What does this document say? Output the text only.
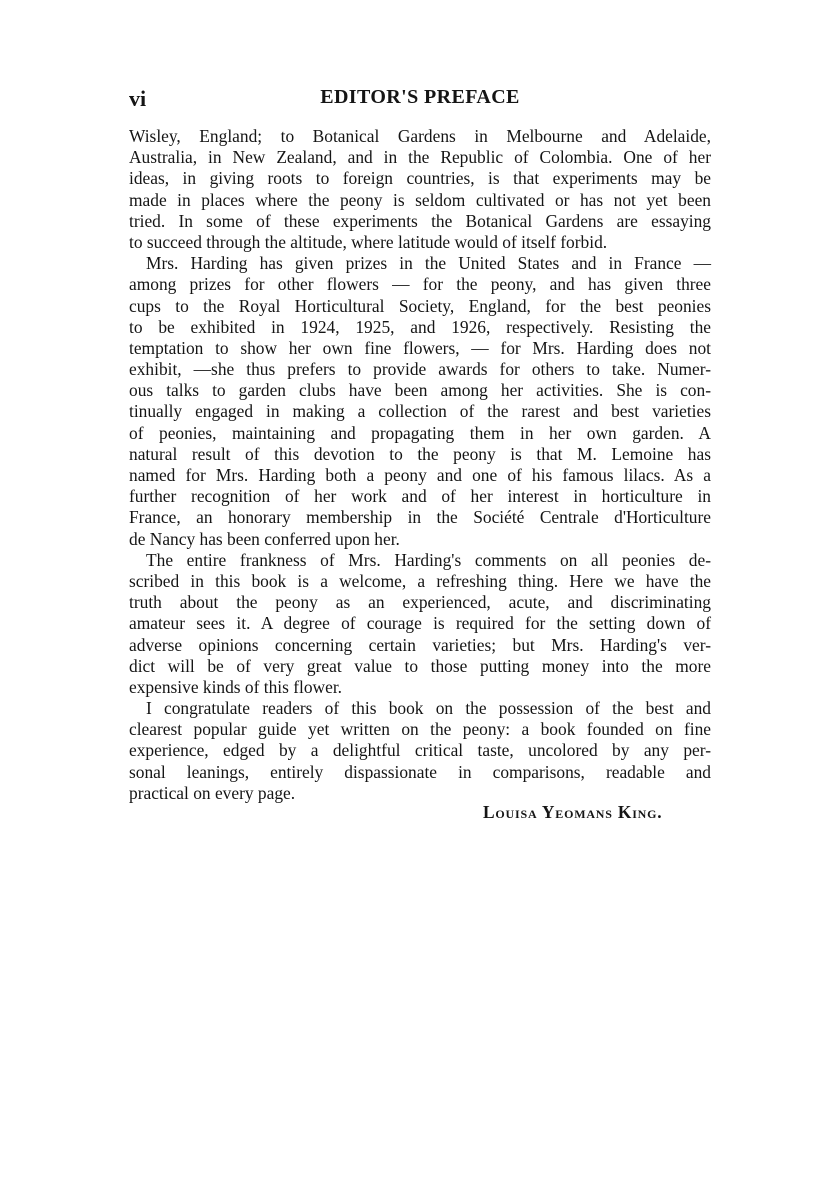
vi	EDITOR'S PREFACE
Wisley, England; to Botanical Gardens in Melbourne and Adelaide,
Australia, in New Zealand, and in the Republic of Colombia. One of her
ideas, in giving roots to foreign countries, is that experiments may be
made in places where the peony is seldom cultivated or has not yet been
tried. In some of these experiments the Botanical Gardens are essaying
to succeed through the altitude, where latitude would of itself forbid.
Mrs. Harding has given prizes in the United States and in France —
among prizes for other flowers — for the peony, and has given three
cups to the Royal Horticultural Society, England, for the best peonies
to be exhibited in 1924, 1925, and 1926, respectively. Resisting the
temptation to show her own fine flowers, — for Mrs. Harding does not
exhibit, —she thus prefers to provide awards for others to take. Numer-
ous talks to garden clubs have been among her activities. She is con-
tinually engaged in making a collection of the rarest and best varieties
of peonies, maintaining and propagating them in her own garden. A
natural result of this devotion to the peony is that M. Lemoine has
named for Mrs. Harding both a peony and one of his famous lilacs. As a
further recognition of her work and of her interest in horticulture in
France, an honorary membership in the Société Centrale d'Horticulture
de Nancy has been conferred upon her.
The entire frankness of Mrs. Harding's comments on all peonies de-
scribed in this book is a welcome, a refreshing thing. Here we have the
truth about the peony as an experienced, acute, and discriminating
amateur sees it. A degree of courage is required for the setting down of
adverse opinions concerning certain varieties; but Mrs. Harding's ver-
dict will be of very great value to those putting money into the more
expensive kinds of this flower.
I congratulate readers of this book on the possession of the best and
clearest popular guide yet written on the peony: a book founded on fine
experience, edged by a delightful critical taste, uncolored by any per-
sonal leanings, entirely dispassionate in comparisons, readable and
practical on every page.
Louisa Yeomans King.
